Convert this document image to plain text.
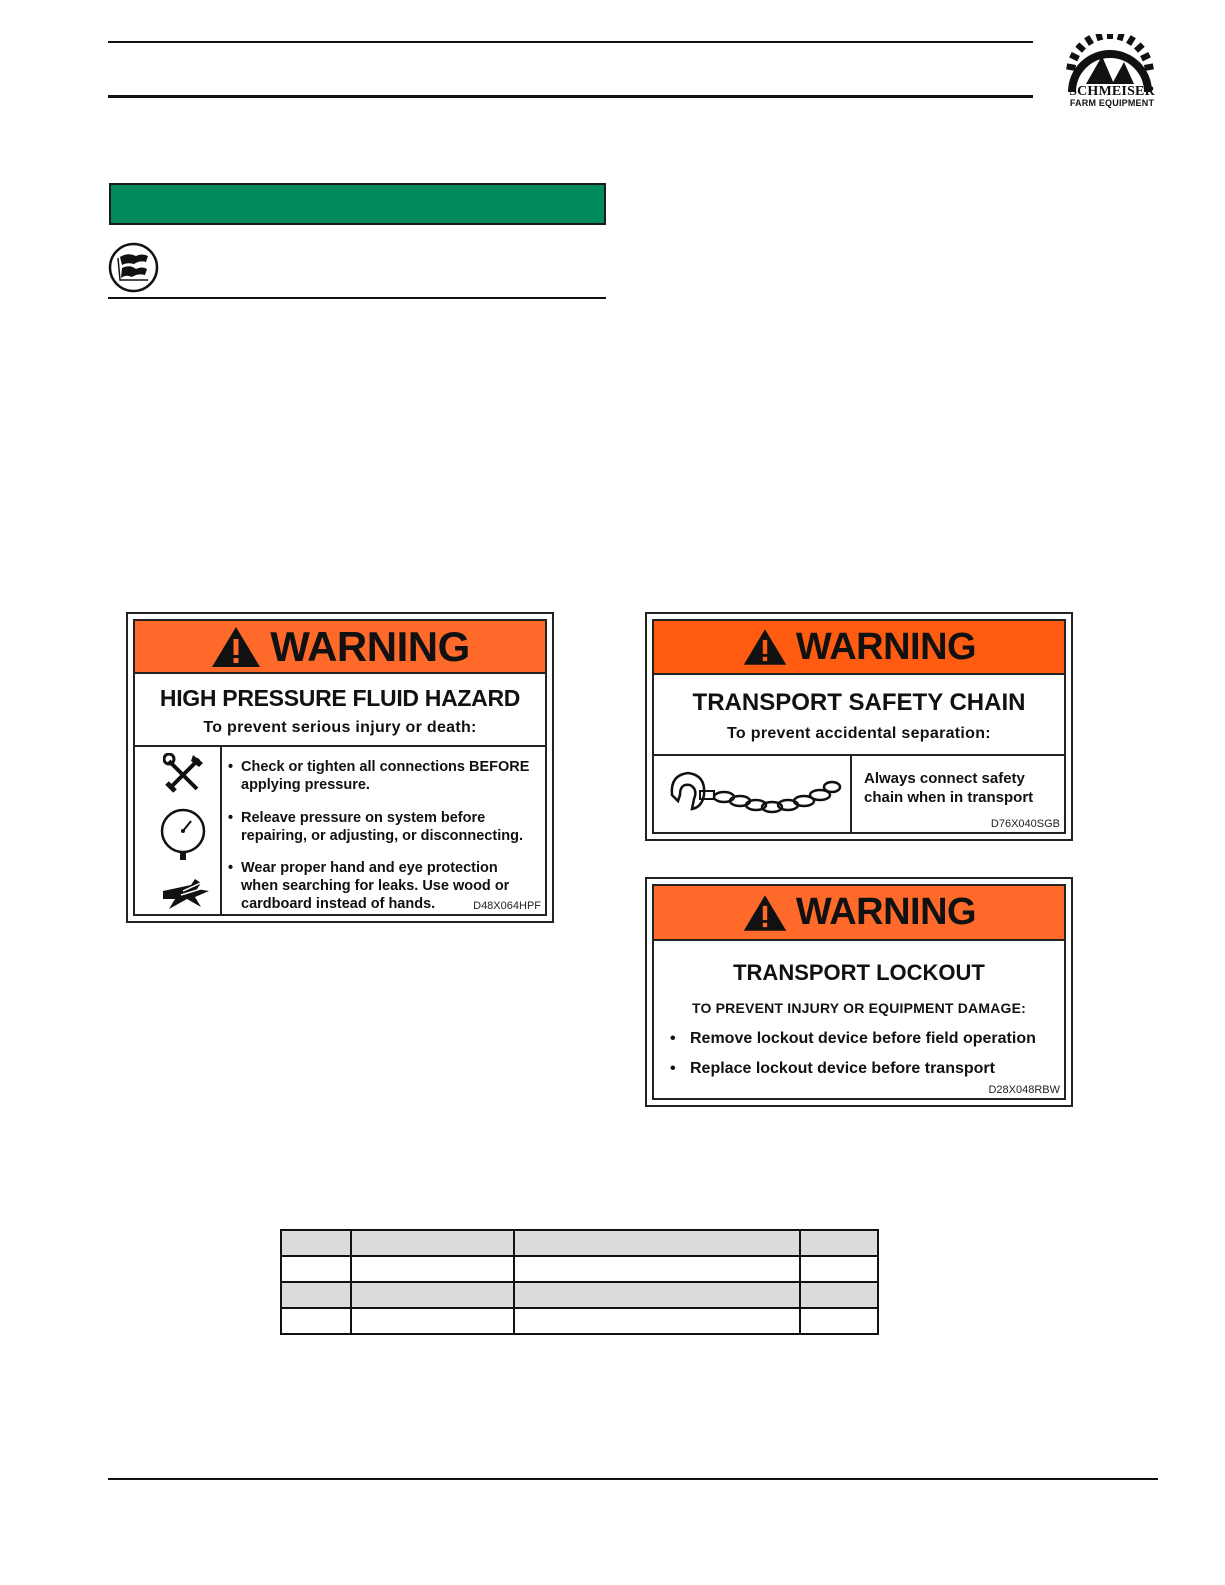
SCHMEISER
FARM EQUIPMENT
WARNING
HIGH PRESSURE FLUID HAZARD
To prevent serious injury or death:
• Check or tighten all connections BEFORE
applying pressure.
• Releave pressure on system before
repairing, or adjusting, or disconnecting.
• Wear proper hand and eye protection
when searching for leaks. Use wood or
cardboard instead of hands.	D48X064HPF
WARNING
TRANSPORT SAFETY CHAIN
To prevent accidental separation:
Always connect safety
chain when in transport
D76X040SGB
WARNING
TRANSPORT LOCKOUT
TO PREVENT INJURY OR EQUIPMENT DAMAGE:
• Remove lockout device before field operation
• Replace lockout device before transport
D28X048RBW
